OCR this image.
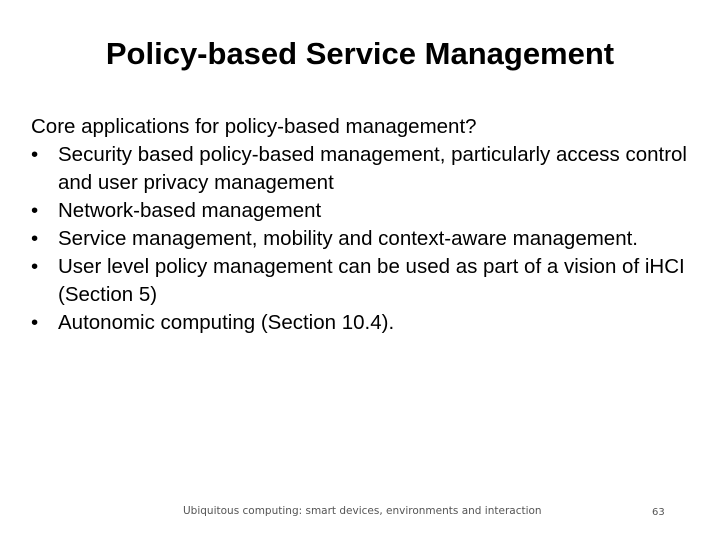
Policy-based Service Management

Core applications for policy-based management?

• Security based policy-based management, particularly access control and user privacy management
• Network-based management
• Service management, mobility and context-aware management.
• User level policy management can be used as part of a vision of iHCI (Section 5)
• Autonomic computing (Section 10.4).
Ubiquitous computing: smart devices, environments and interaction	63
